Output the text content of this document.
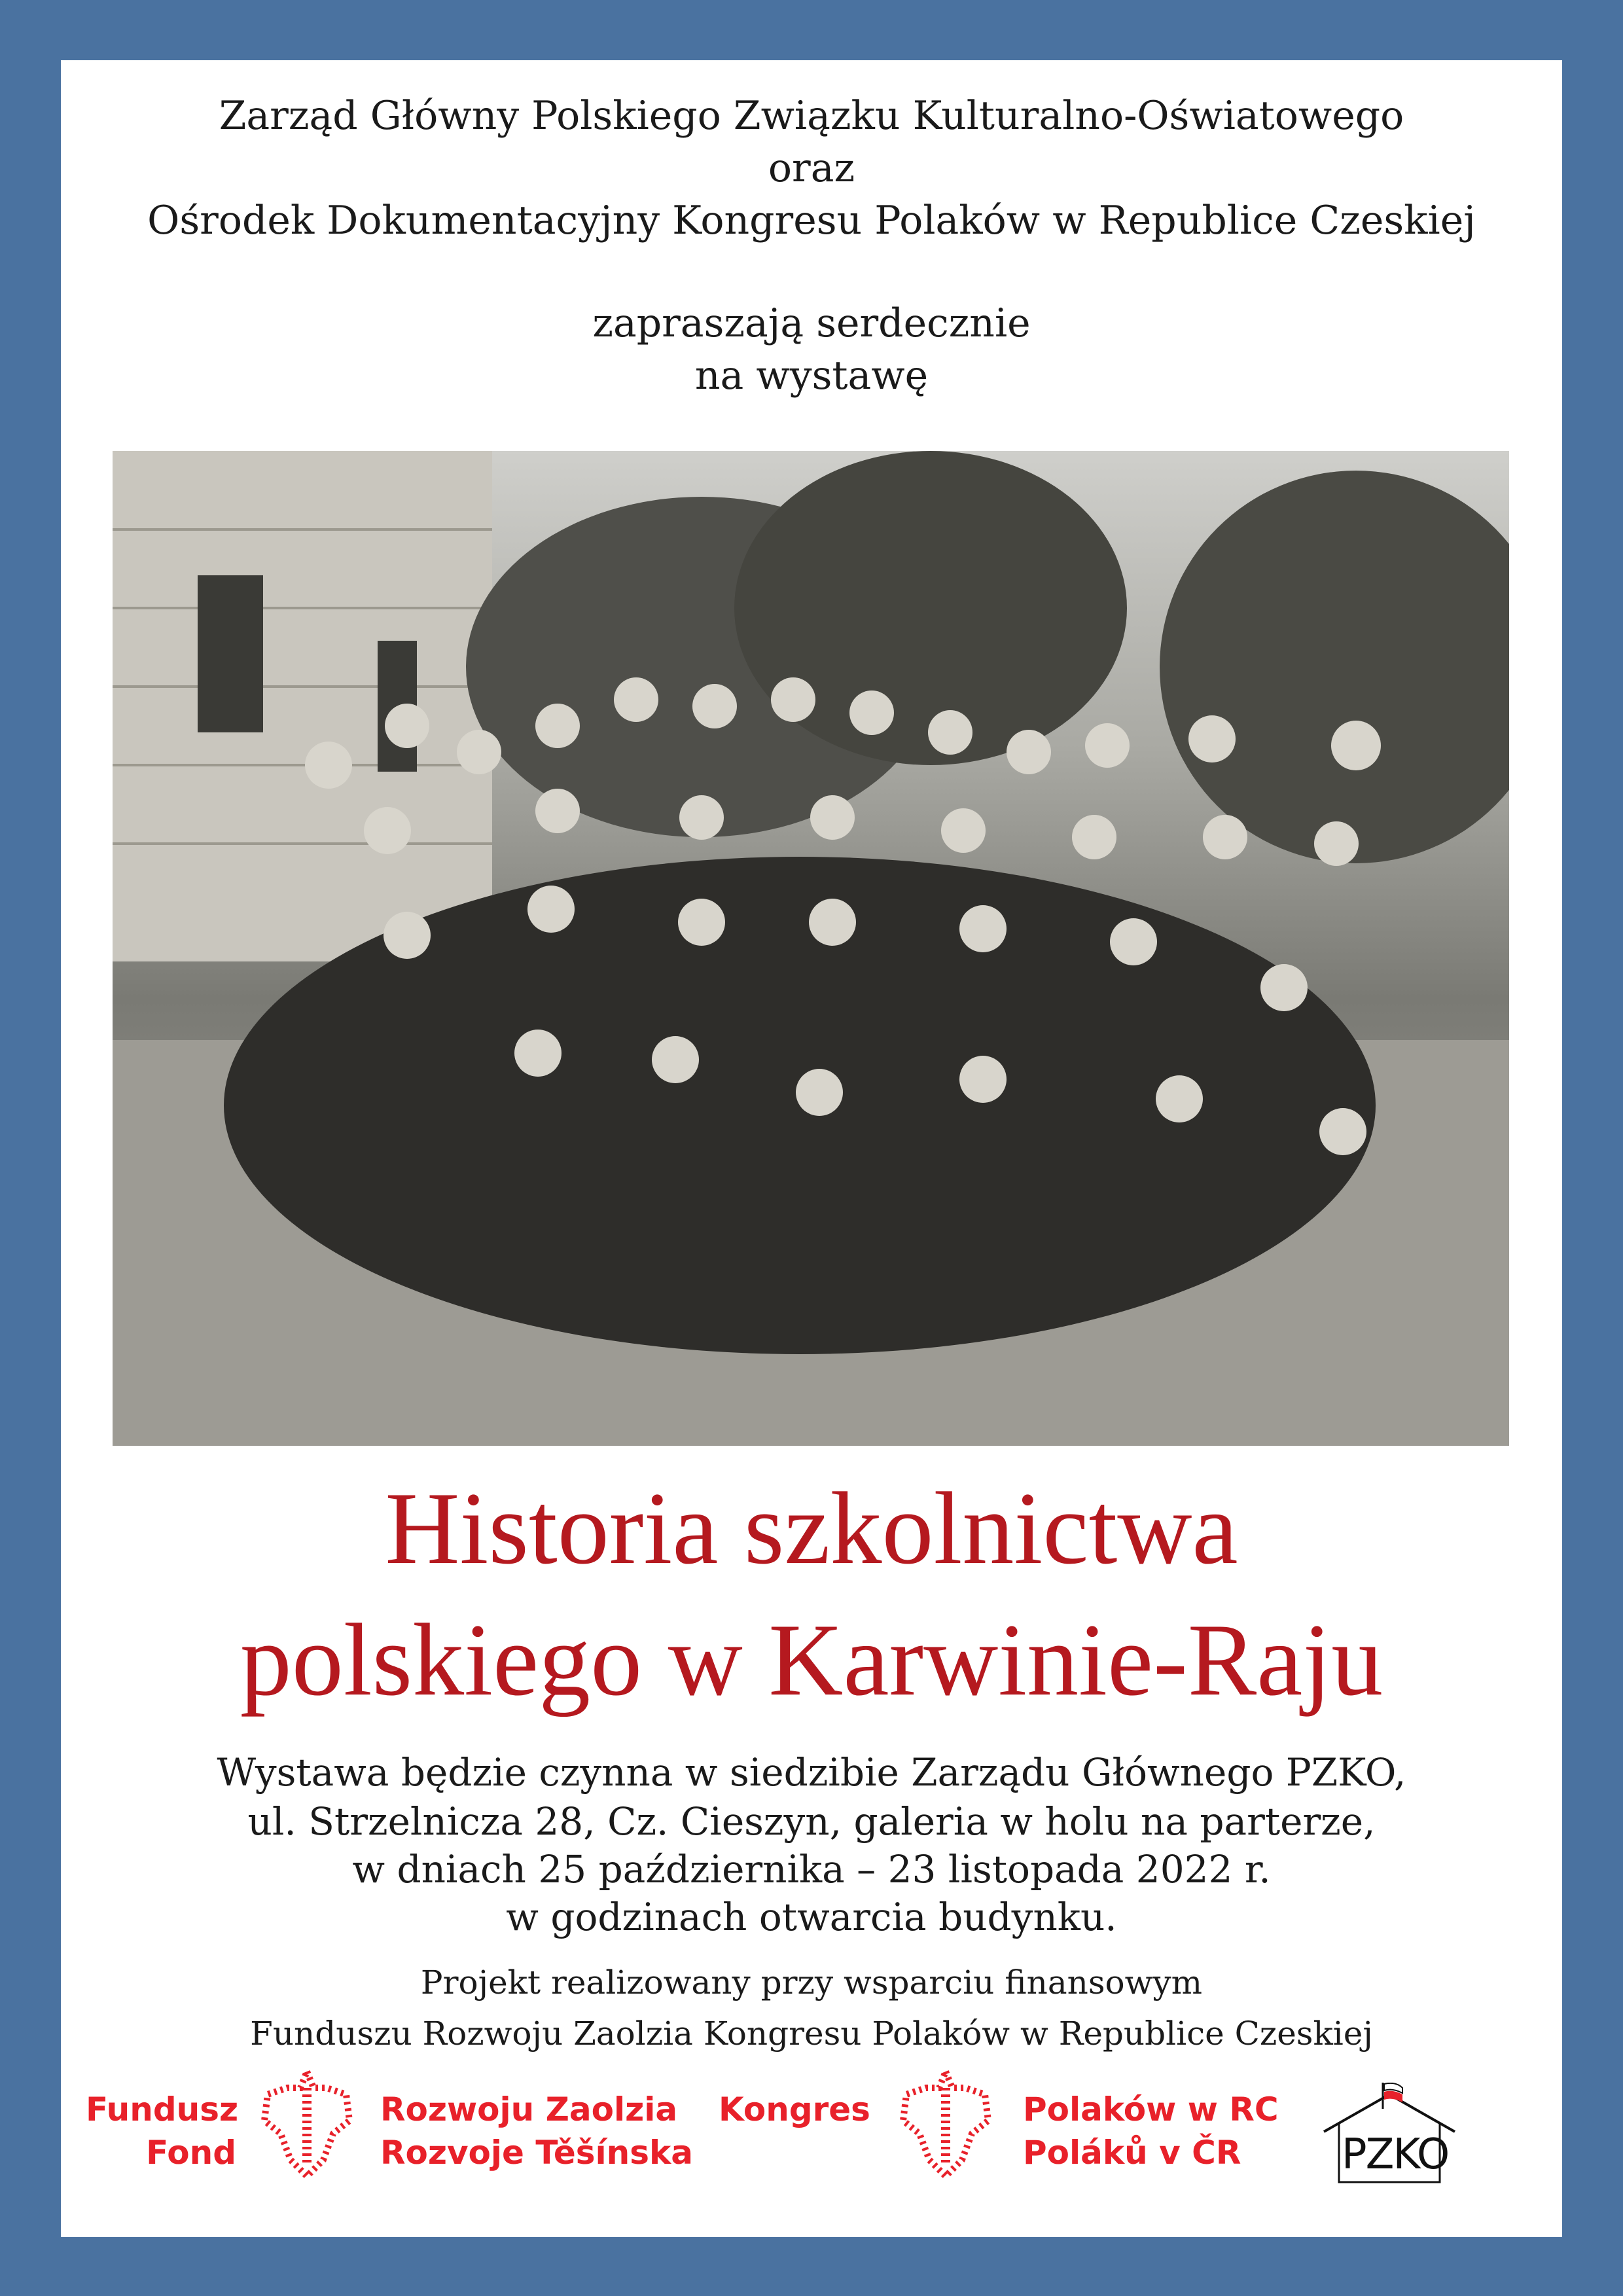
Zarząd Główny Polskiego Związku Kulturalno-Oświatowego
oraz
Ośrodek Dokumentacyjny Kongresu Polaków w Republice Czeskiej
zapraszają serdecznie
na wystawę
Historia szkolnictwa
polskiego w Karwinie-Raju
Wystawa będzie czynna w siedzibie Zarządu Głównego PZKO,
ul. Strzelnicza 28, Cz. Cieszyn, galeria w holu na parterze,
w dniach 25 października – 23 listopada 2022 r.
w godzinach otwarcia budynku.
Projekt realizowany przy wsparciu finansowym
Funduszu Rozwoju Zaolzia Kongresu Polaków w Republice Czeskiej
Fundusz
Fond
Rozwoju Zaolzia
Rozvoje Těšínska
Kongres	Polaków w RC
Poláků v ČR PZKO
